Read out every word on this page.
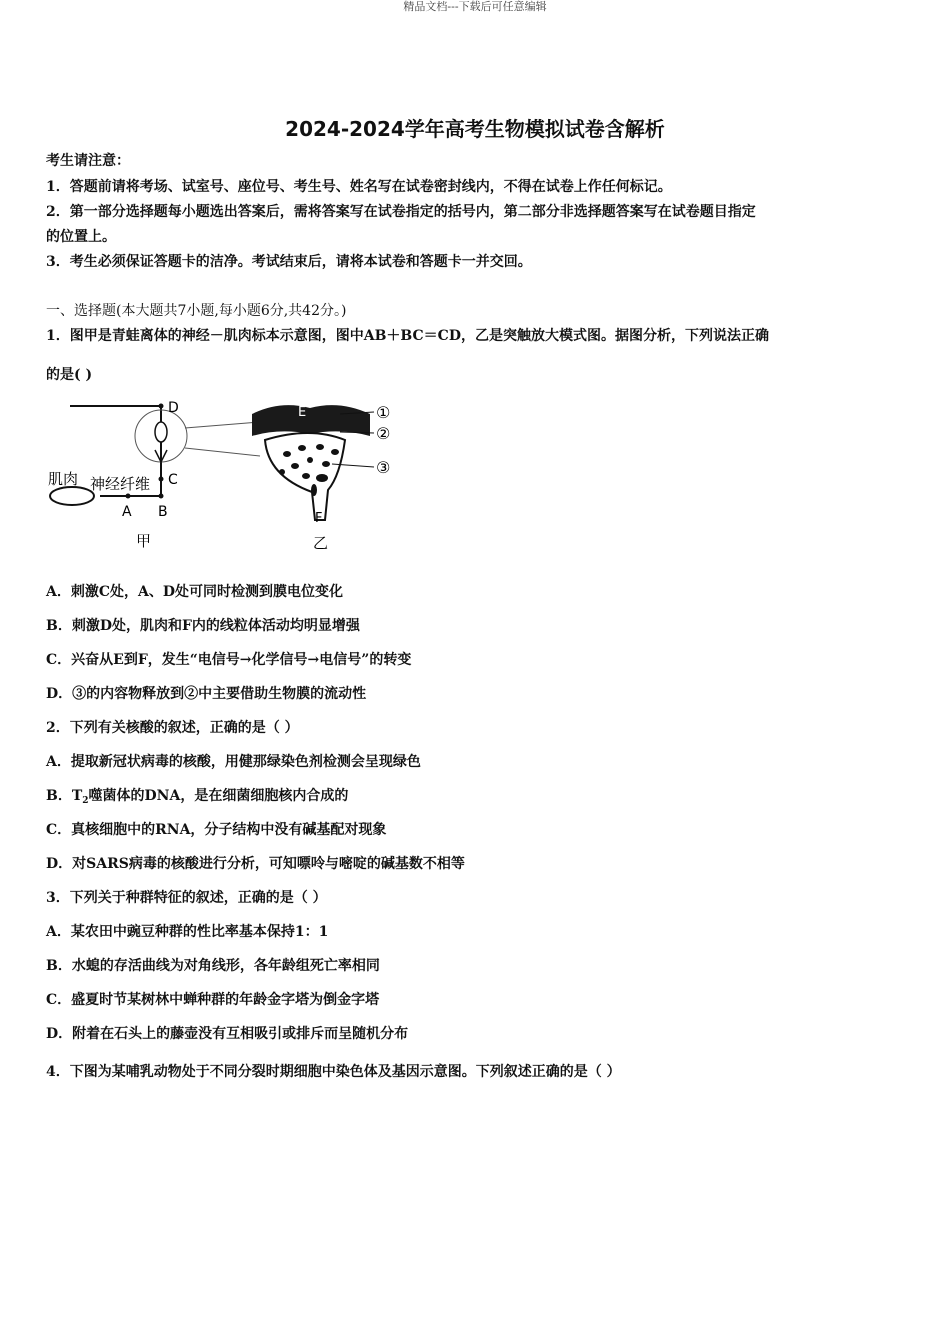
精品文档---下载后可任意编辑
2024-2024学年高考生物模拟试卷含解析
考生请注意：
1．答题前请将考场、试室号、座位号、考生号、姓名写在试卷密封线内，不得在试卷上作任何标记。
2．第一部分选择题每小题选出答案后，需将答案写在试卷指定的括号内，第二部分非选择题答案写在试卷题目指定
的位置上。
3．考生必须保证答题卡的洁净。考试结束后，请将本试卷和答题卡一并交回。
一、选择题(本大题共7小题,每小题6分,共42分。)
1．图甲是青蛙离体的神经－肌肉标本示意图，图中AB＋BC＝CD，乙是突触放大模式图。据图分析，下列说法正确
的是( )
D
C
A B
肌肉 神经纤维
甲
E	①
②
③
F
乙
A．刺激C处，A、D处可同时检测到膜电位变化
B．刺激D处，肌肉和F内的线粒体活动均明显增强
C．兴奋从E到F，发生“电信号→化学信号→电信号”的转变
D．③的内容物释放到②中主要借助生物膜的流动性
2．下列有关核酸的叙述，正确的是（ ）
A．提取新冠状病毒的核酸，用健那绿染色剂检测会呈现绿色
B．$T_2$噬菌体的DNA，是在细菌细胞核内合成的
C．真核细胞中的RNA，分子结构中没有碱基配对现象
D．对SARS病毒的核酸进行分析，可知嘌呤与嘧啶的碱基数不相等
3．下列关于种群特征的叙述，正确的是（ ）
A．某农田中豌豆种群的性比率基本保持1：1
B．水螅的存活曲线为对角线形，各年龄组死亡率相同
C．盛夏时节某树林中蝉种群的年龄金字塔为倒金字塔
D．附着在石头上的藤壶没有互相吸引或排斥而呈随机分布
4．下图为某哺乳动物处于不同分裂时期细胞中染色体及基因示意图。下列叙述正确的是（ ）
